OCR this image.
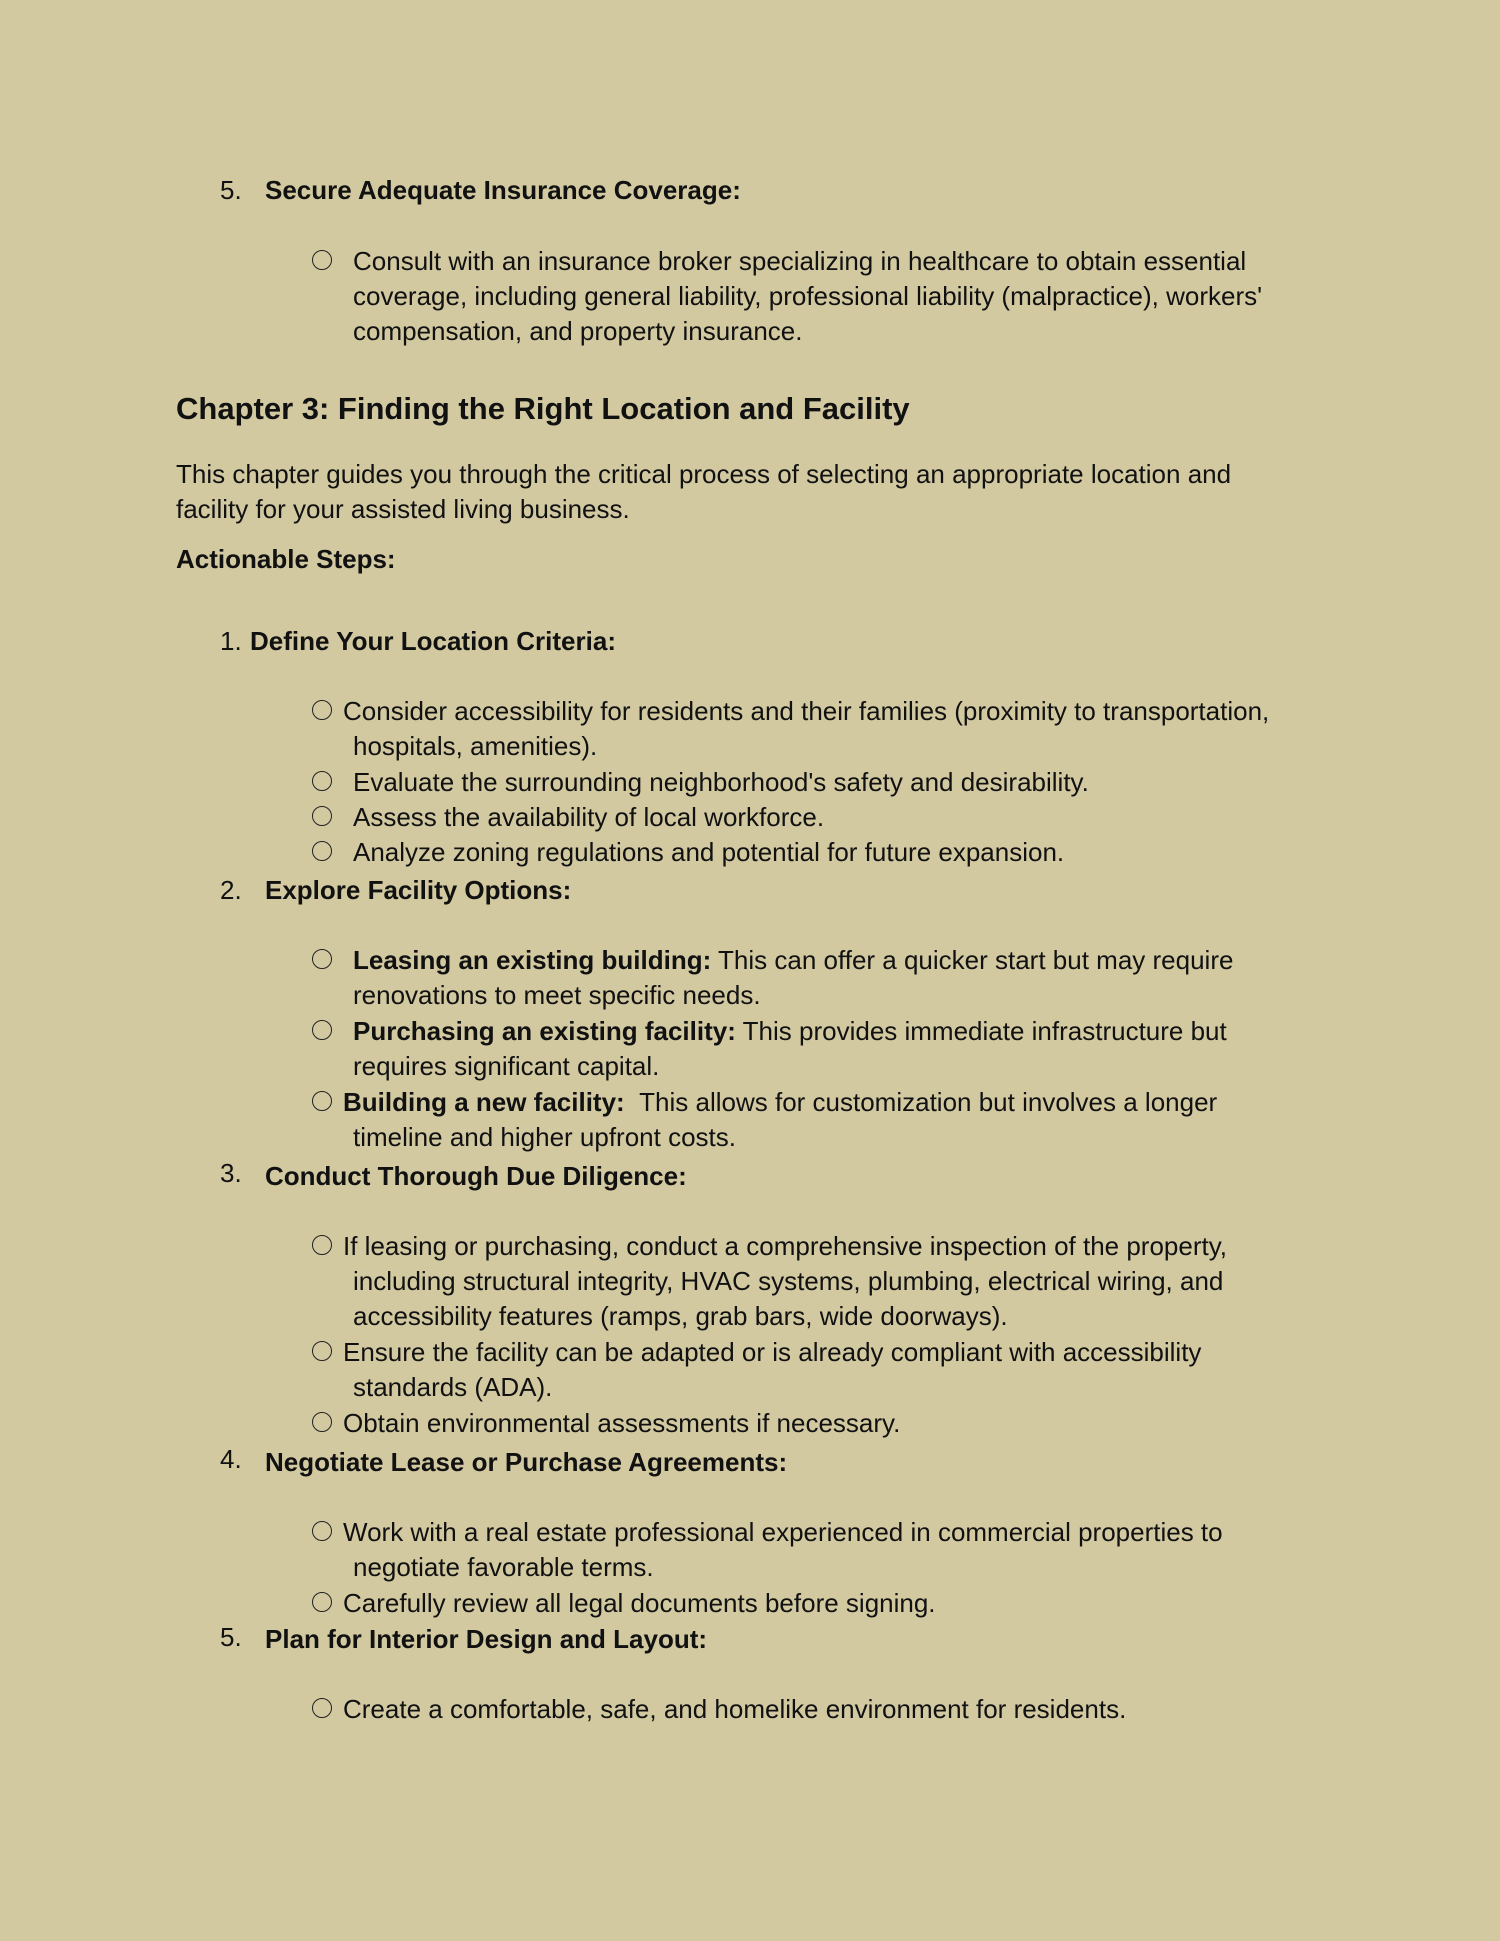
5. Secure Adequate Insurance Coverage:
Consult with an insurance broker specializing in healthcare to obtain essential
coverage, including general liability, professional liability (malpractice), workers'
compensation, and property insurance.
Chapter 3: Finding the Right Location and Facility
This chapter guides you through the critical process of selecting an appropriate location and
facility for your assisted living business.
Actionable Steps:
1. Define Your Location Criteria:
Consider accessibility for residents and their families (proximity to transportation,
hospitals, amenities).
Evaluate the surrounding neighborhood's safety and desirability.
Assess the availability of local workforce.
Analyze zoning regulations and potential for future expansion.
2. Explore Facility Options:
Leasing an existing building: This can offer a quicker start but may require
renovations to meet specific needs.
Purchasing an existing facility: This provides immediate infrastructure but
requires significant capital.
Building a new facility: This allows for customization but involves a longer
timeline and higher upfront costs.
3. Conduct Thorough Due Diligence:
If leasing or purchasing, conduct a comprehensive inspection of the property,
including structural integrity, HVAC systems, plumbing, electrical wiring, and
accessibility features (ramps, grab bars, wide doorways).
Ensure the facility can be adapted or is already compliant with accessibility
standards (ADA).
Obtain environmental assessments if necessary.
4. Negotiate Lease or Purchase Agreements:
Work with a real estate professional experienced in commercial properties to
negotiate favorable terms.
Carefully review all legal documents before signing.
5. Plan for Interior Design and Layout:
Create a comfortable, safe, and homelike environment for residents.
